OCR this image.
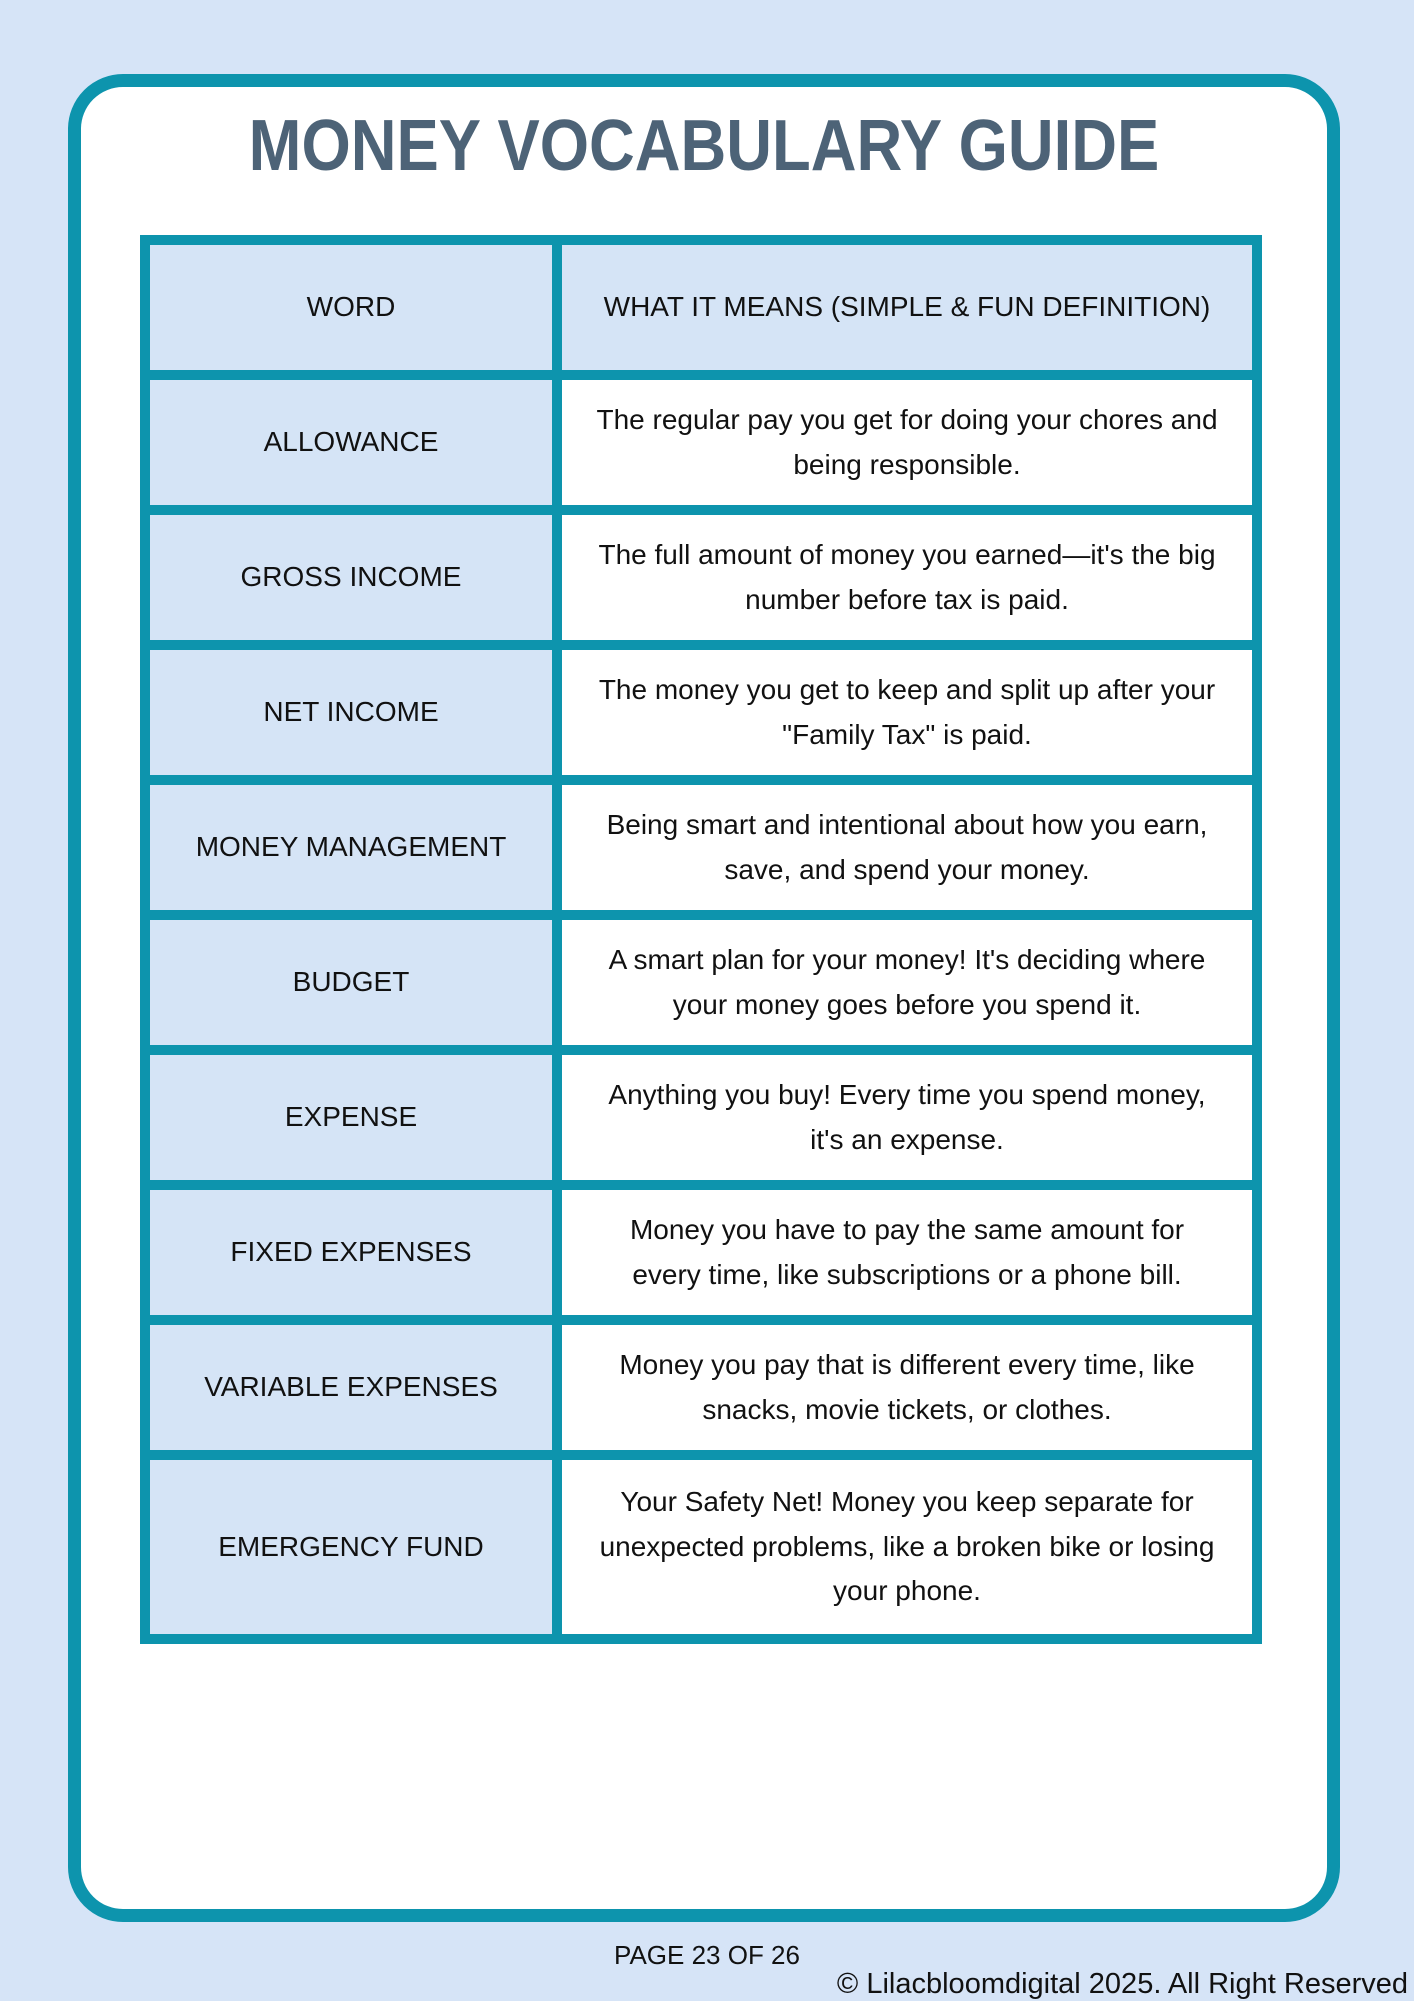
MONEY VOCABULARY GUIDE
WORD	WHAT IT MEANS (SIMPLE & FUN DEFINITION)
ALLOWANCE	The regular pay you get for doing your chores and being responsible.
GROSS INCOME	The full amount of money you earned—it's the big number before tax is paid.
NET INCOME	The money you get to keep and split up after your "Family Tax" is paid.
MONEY MANAGEMENT	Being smart and intentional about how you earn, save, and spend your money.
BUDGET	A smart plan for your money! It's deciding where your money goes before you spend it.
EXPENSE	Anything you buy! Every time you spend money, it's an expense.
FIXED EXPENSES	Money you have to pay the same amount for every time, like subscriptions or a phone bill.
VARIABLE EXPENSES	Money you pay that is different every time, like snacks, movie tickets, or clothes.
EMERGENCY FUND	Your Safety Net! Money you keep separate for unexpected problems, like a broken bike or losing your phone.
PAGE 23 OF 26
© Lilacbloomdigital 2025. All Right Reserved
